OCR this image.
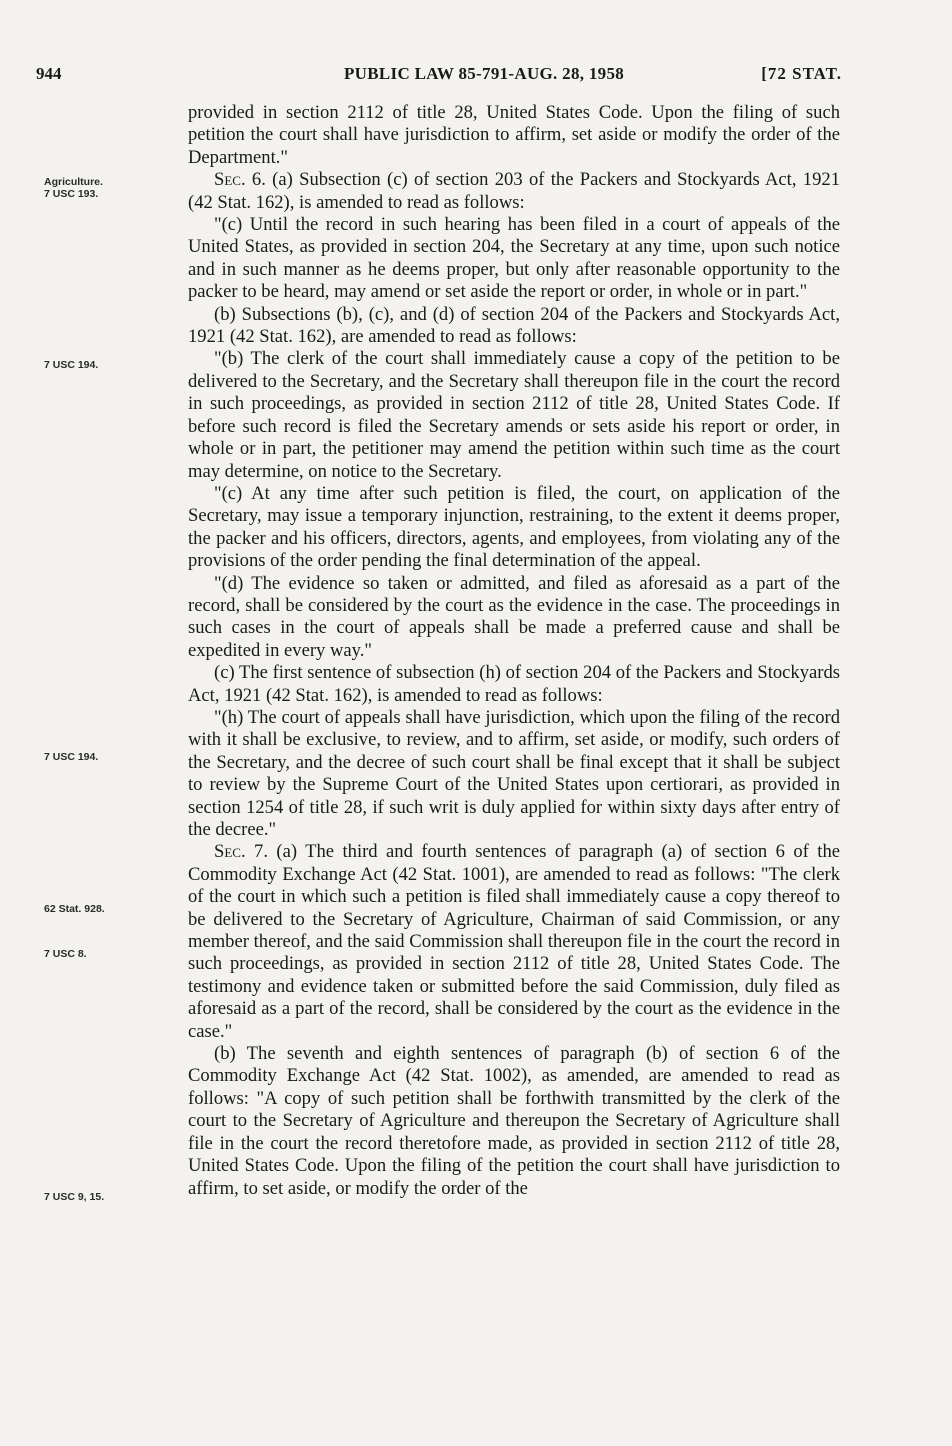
944	PUBLIC LAW 85-791-AUG. 28, 1958	[72 STAT.
Agriculture.
7 USC 193.
7 USC 194.
7 USC 194.
62 Stat. 928.
7 USC 8.
7 USC 9, 15.

provided in section 2112 of title 28, United States Code. Upon the filing of such petition the court shall have jurisdiction to affirm, set aside or modify the order of the Department."

Sec. 6. (a) Subsection (c) of section 203 of the Packers and Stockyards Act, 1921 (42 Stat. 162), is amended to read as follows:

"(c) Until the record in such hearing has been filed in a court of appeals of the United States, as provided in section 204, the Secretary at any time, upon such notice and in such manner as he deems proper, but only after reasonable opportunity to the packer to be heard, may amend or set aside the report or order, in whole or in part."

(b) Subsections (b), (c), and (d) of section 204 of the Packers and Stockyards Act, 1921 (42 Stat. 162), are amended to read as follows:

"(b) The clerk of the court shall immediately cause a copy of the petition to be delivered to the Secretary, and the Secretary shall thereupon file in the court the record in such proceedings, as provided in section 2112 of title 28, United States Code. If before such record is filed the Secretary amends or sets aside his report or order, in whole or in part, the petitioner may amend the petition within such time as the court may determine, on notice to the Secretary.

"(c) At any time after such petition is filed, the court, on application of the Secretary, may issue a temporary injunction, restraining, to the extent it deems proper, the packer and his officers, directors, agents, and employees, from violating any of the provisions of the order pending the final determination of the appeal.

"(d) The evidence so taken or admitted, and filed as aforesaid as a part of the record, shall be considered by the court as the evidence in the case. The proceedings in such cases in the court of appeals shall be made a preferred cause and shall be expedited in every way."

(c) The first sentence of subsection (h) of section 204 of the Packers and Stockyards Act, 1921 (42 Stat. 162), is amended to read as follows:

"(h) The court of appeals shall have jurisdiction, which upon the filing of the record with it shall be exclusive, to review, and to affirm, set aside, or modify, such orders of the Secretary, and the decree of such court shall be final except that it shall be subject to review by the Supreme Court of the United States upon certiorari, as provided in section 1254 of title 28, if such writ is duly applied for within sixty days after entry of the decree."

Sec. 7. (a) The third and fourth sentences of paragraph (a) of section 6 of the Commodity Exchange Act (42 Stat. 1001), are amended to read as follows: "The clerk of the court in which such a petition is filed shall immediately cause a copy thereof to be delivered to the Secretary of Agriculture, Chairman of said Commission, or any member thereof, and the said Commission shall thereupon file in the court the record in such proceedings, as provided in section 2112 of title 28, United States Code. The testimony and evidence taken or submitted before the said Commission, duly filed as aforesaid as a part of the record, shall be considered by the court as the evidence in the case."

(b) The seventh and eighth sentences of paragraph (b) of section 6 of the Commodity Exchange Act (42 Stat. 1002), as amended, are amended to read as follows: "A copy of such petition shall be forthwith transmitted by the clerk of the court to the Secretary of Agriculture and thereupon the Secretary of Agriculture shall file in the court the record theretofore made, as provided in section 2112 of title 28, United States Code. Upon the filing of the petition the court shall have jurisdiction to affirm, to set aside, or modify the order of the
